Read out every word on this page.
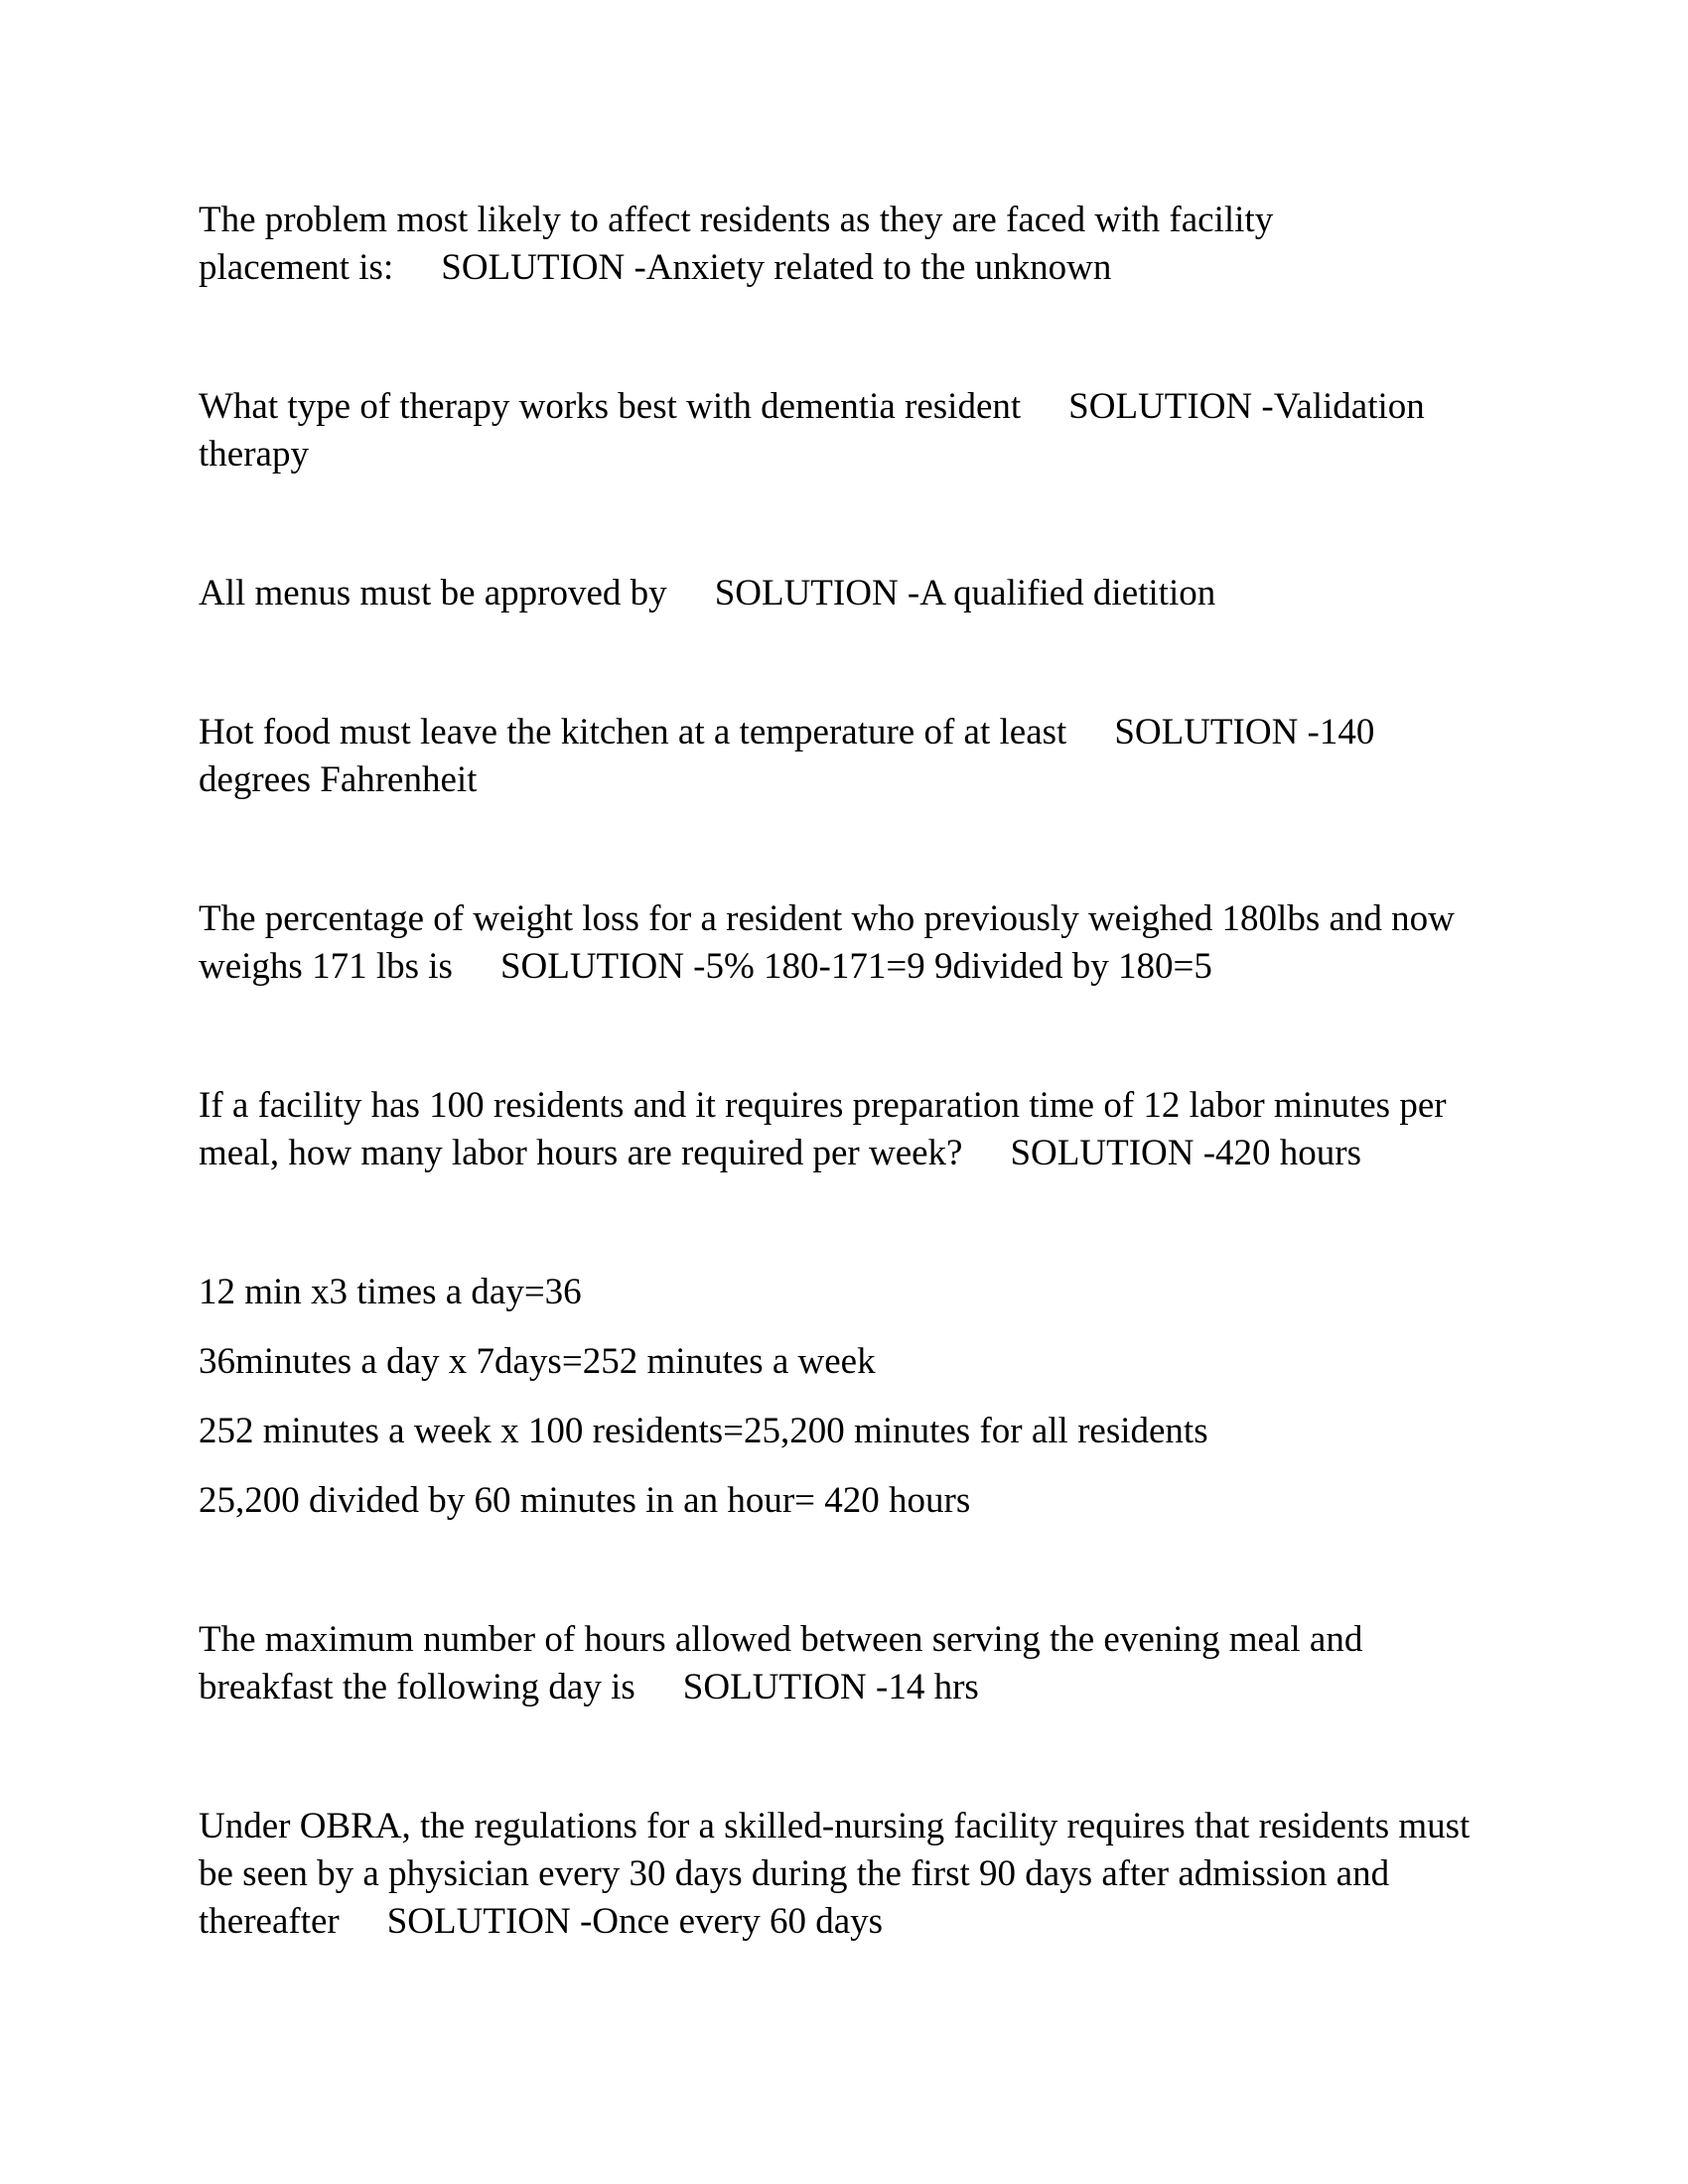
The problem most likely to affect residents as they are faced with facility placement is: SOLUTION -Anxiety related to the unknown

What type of therapy works best with dementia resident SOLUTION -Validation therapy

All menus must be approved by SOLUTION -A qualified dietition

Hot food must leave the kitchen at a temperature of at least SOLUTION -140 degrees Fahrenheit

The percentage of weight loss for a resident who previously weighed 180lbs and now weighs 171 lbs is SOLUTION -5% 180-171=9 9divided by 180=5

If a facility has 100 residents and it requires preparation time of 12 labor minutes per meal, how many labor hours are required per week? SOLUTION -420 hours

12 min x3 times a day=36

36minutes a day x 7days=252 minutes a week

252 minutes a week x 100 residents=25,200 minutes for all residents

25,200 divided by 60 minutes in an hour= 420 hours

The maximum number of hours allowed between serving the evening meal and breakfast the following day is SOLUTION -14 hrs

Under OBRA, the regulations for a skilled-nursing facility requires that residents must be seen by a physician every 30 days during the first 90 days after admission and thereafter SOLUTION -Once every 60 days
